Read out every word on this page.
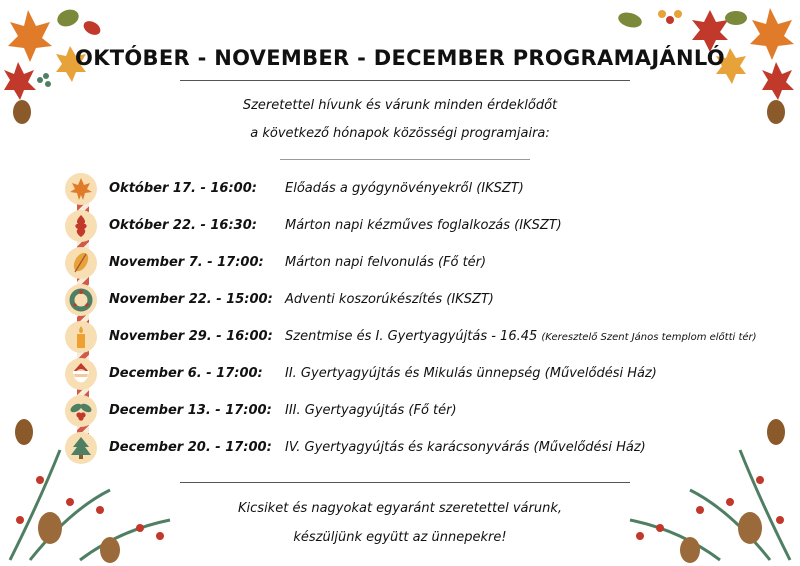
OKTÓBER - NOVEMBER - DECEMBER PROGRAMAJÁNLÓ
Szeretettel hívunk és várunk minden érdeklődőt
a következő hónapok közösségi programjaira:
Október 17. - 16:00: Előadás a gyógynövényekről (IKSZT)
Október 22. - 16:30: Márton napi kézműves foglalkozás (IKSZT)
November 7. - 17:00: Márton napi felvonulás (Fő tér)
November 22. - 15:00: Adventi koszorúkészítés (IKSZT)
November 29. - 16:00: Szentmise és I. Gyertyagyújtás - 16.45 (Keresztelő Szent János templom előtti tér)
December 6. - 17:00: II. Gyertyagyújtás és Mikulás ünnepség (Művelődési Ház)
December 13. - 17:00: III. Gyertyagyújtás (Fő tér)
December 20. - 17:00: IV. Gyertyagyújtás és karácsonyvárás (Művelődési Ház)
Kicsiket és nagyokat egyaránt szeretettel várunk,
készüljünk együtt az ünnepekre!
